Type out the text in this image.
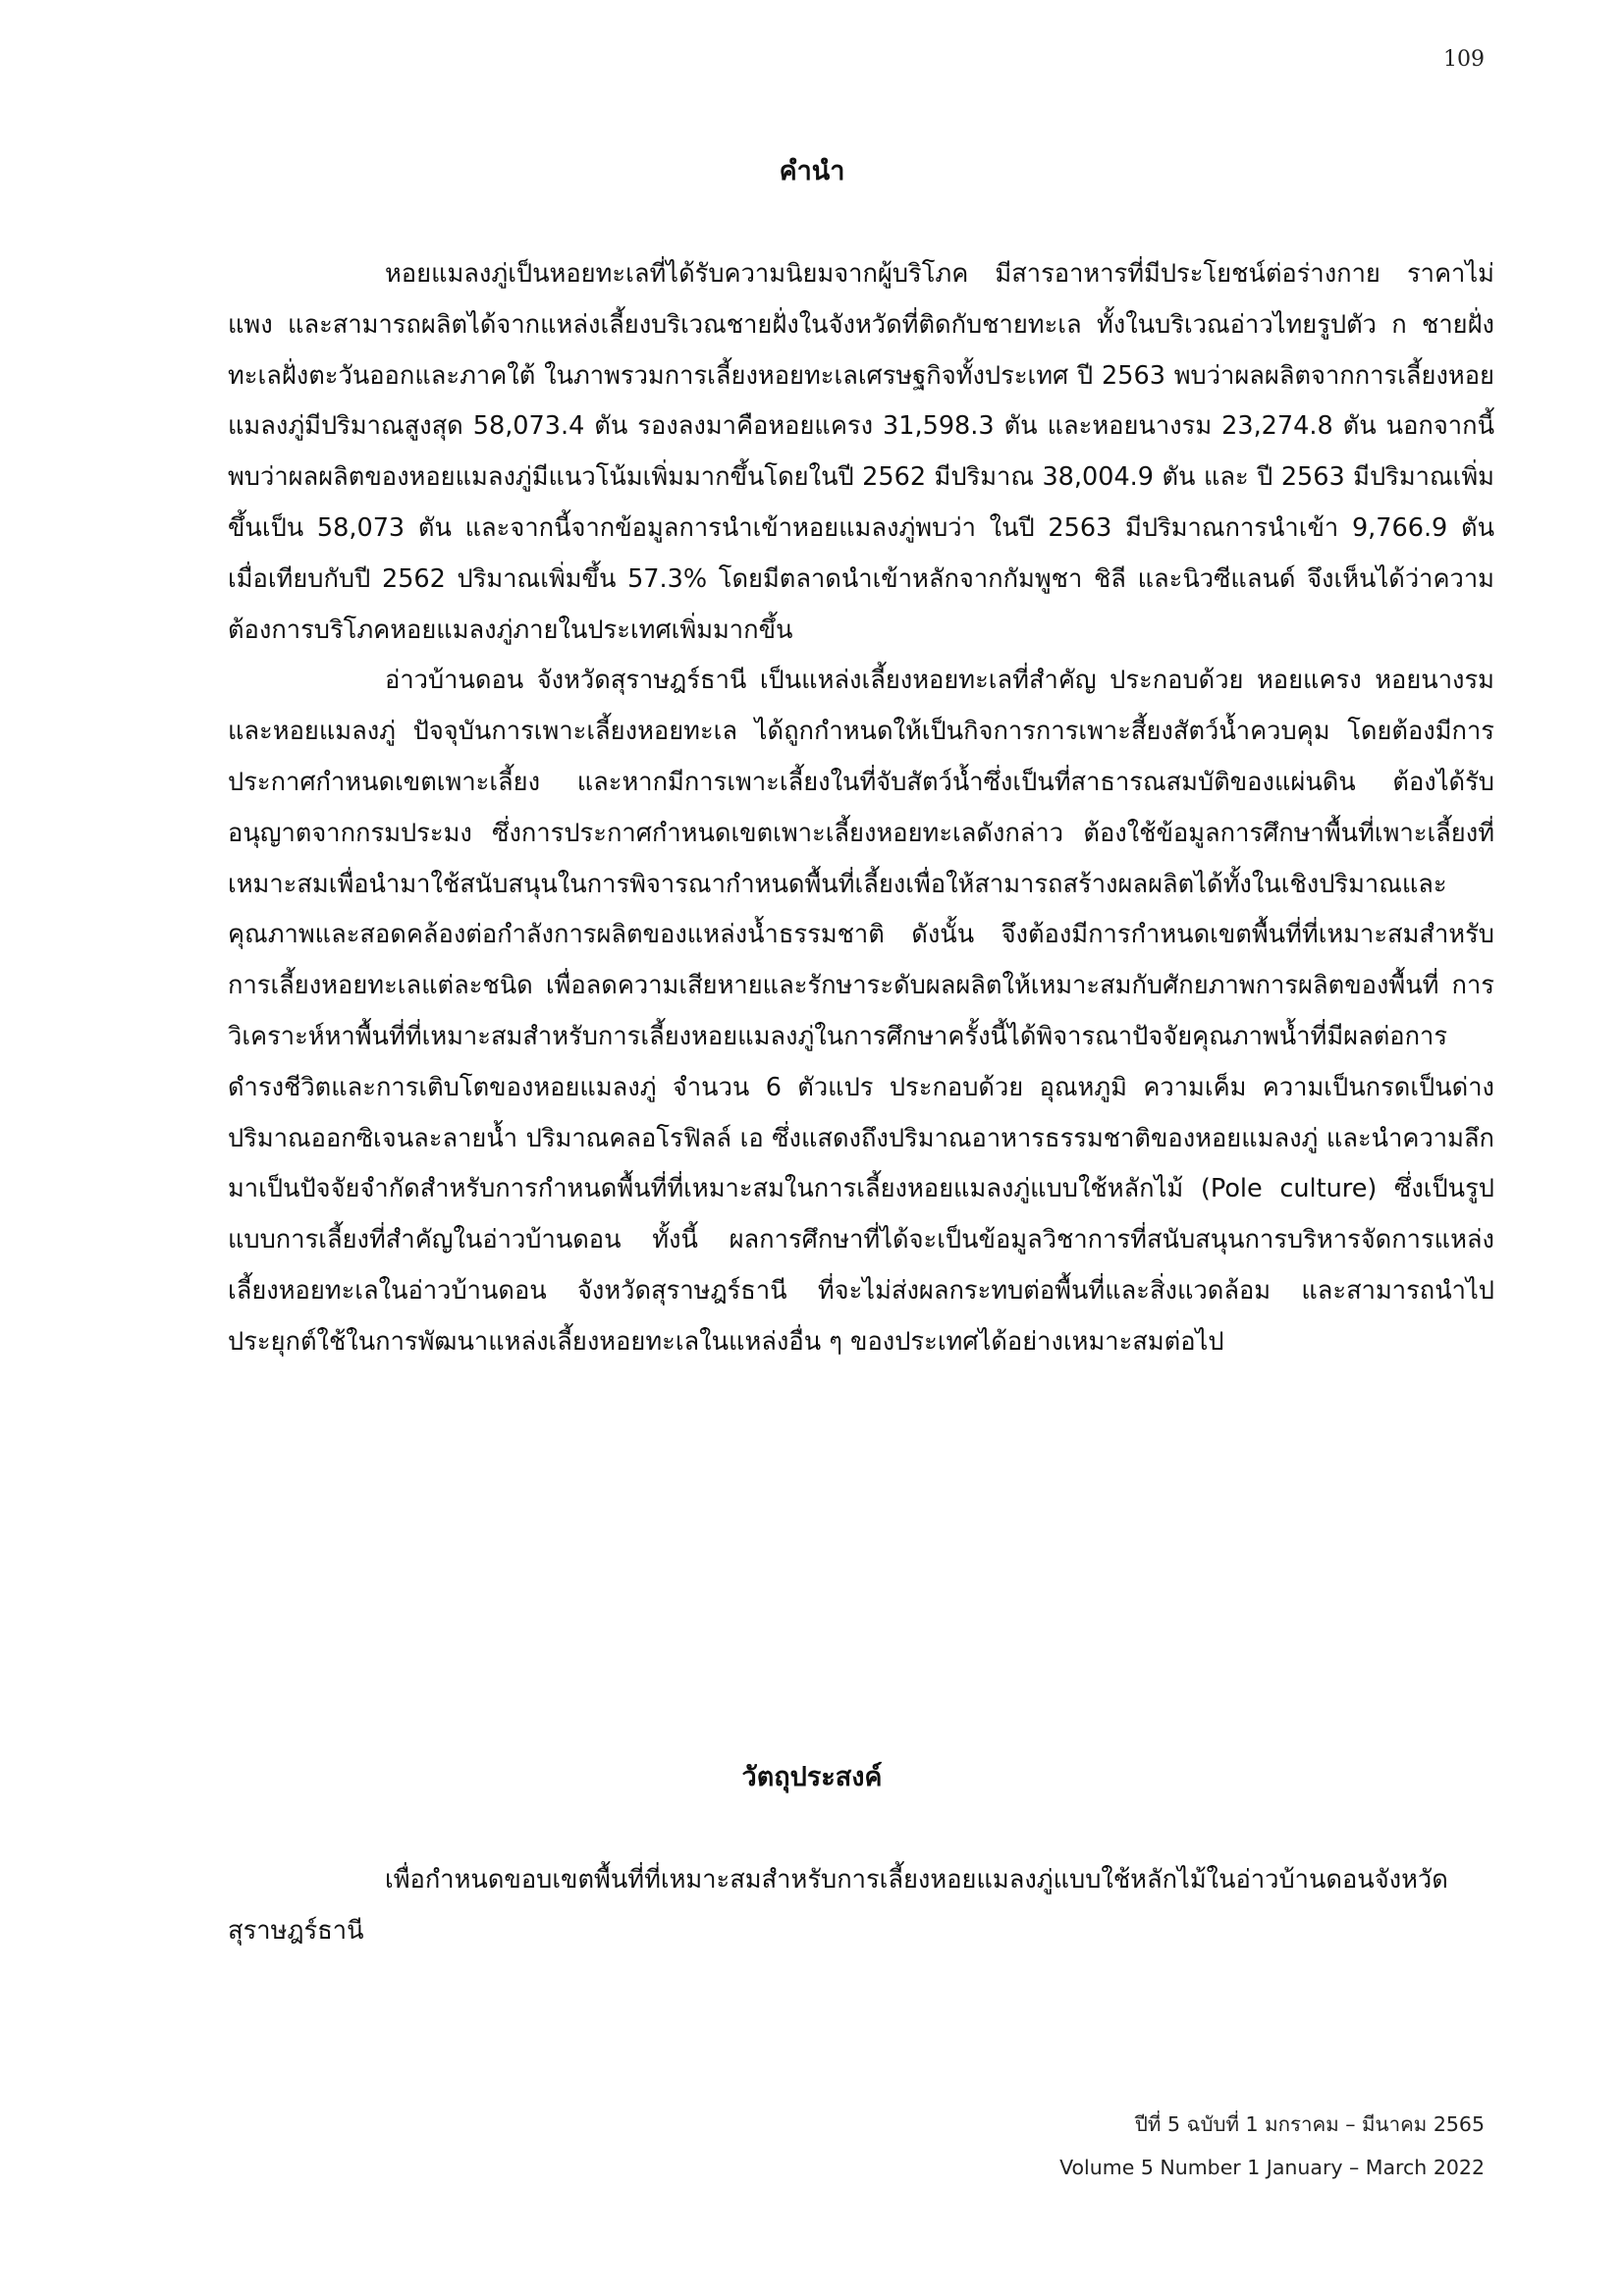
109
คำนำ

หอยแมลงภู่เป็นหอยทะเลที่ได้รับความนิยมจากผู้บริโภค มีสารอาหารที่มีประโยชน์ต่อร่างกาย ราคาไม่แพง และสามารถผลิตได้จากแหล่งเลี้ยงบริเวณชายฝั่งในจังหวัดที่ติดกับชายทะเล ทั้งในบริเวณอ่าวไทยรูปตัว ก ชายฝั่งทะเลฝั่งตะวันออกและภาคใต้ ในภาพรวมการเลี้ยงหอยทะเลเศรษฐกิจทั้งประเทศ ปี 2563 พบว่าผลผลิตจากการเลี้ยงหอยแมลงภู่มีปริมาณสูงสุด 58,073.4 ตัน รองลงมาคือหอยแครง 31,598.3 ตัน และหอยนางรม 23,274.8 ตัน นอกจากนี้ พบว่าผลผลิตของหอยแมลงภู่มีแนวโน้มเพิ่มมากขึ้นโดยในปี 2562 มีปริมาณ 38,004.9 ตัน และ ปี 2563 มีปริมาณเพิ่มขึ้นเป็น 58,073 ตัน และจากนี้จากข้อมูลการนำเข้าหอยแมลงภู่พบว่า ในปี 2563 มีปริมาณการนำเข้า 9,766.9 ตัน เมื่อเทียบกับปี 2562 ปริมาณเพิ่มขึ้น 57.3% โดยมีตลาดนำเข้าหลักจากกัมพูชา ชิลี และนิวซีแลนด์ จึงเห็นได้ว่าความต้องการบริโภคหอยแมลงภู่ภายในประเทศเพิ่มมากขึ้น

อ่าวบ้านดอน จังหวัดสุราษฎร์ธานี เป็นแหล่งเลี้ยงหอยทะเลที่สำคัญ ประกอบด้วย หอยแครง หอยนางรม และหอยแมลงภู่ ปัจจุบันการเพาะเลี้ยงหอยทะเล ได้ถูกกำหนดให้เป็นกิจการการเพาะสี้ยงสัตว์น้ำควบคุม โดยต้องมีการประกาศกำหนดเขตเพาะเลี้ยง และหากมีการเพาะเลี้ยงในที่จับสัตว์น้ำซึ่งเป็นที่สาธารณสมบัติของแผ่นดิน ต้องได้รับอนุญาตจากกรมประมง ซึ่งการประกาศกำหนดเขตเพาะเลี้ยงหอยทะเลดังกล่าว ต้องใช้ข้อมูลการศึกษาพื้นที่เพาะเลี้ยงที่เหมาะสมเพื่อนำมาใช้สนับสนุนในการพิจารณากำหนดพื้นที่เลี้ยงเพื่อให้สามารถสร้างผลผลิตได้ทั้งในเชิงปริมาณและคุณภาพและสอดคล้องต่อกำลังการผลิตของแหล่งน้ำธรรมชาติ ดังนั้น จึงต้องมีการกำหนดเขตพื้นที่ที่เหมาะสมสำหรับการเลี้ยงหอยทะเลแต่ละชนิด เพื่อลดความเสียหายและรักษาระดับผลผลิตให้เหมาะสมกับศักยภาพการผลิตของพื้นที่ การวิเคราะห์หาพื้นที่ที่เหมาะสมสำหรับการเลี้ยงหอยแมลงภู่ในการศึกษาครั้งนี้ได้พิจารณาปัจจัยคุณภาพน้ำที่มีผลต่อการดำรงชีวิตและการเติบโตของหอยแมลงภู่ จำนวน 6 ตัวแปร ประกอบด้วย อุณหภูมิ ความเค็ม ความเป็นกรดเป็นด่าง ปริมาณออกซิเจนละลายน้ำ ปริมาณคลอโรฟิลล์ เอ ซึ่งแสดงถึงปริมาณอาหารธรรมชาติของหอยแมลงภู่ และนำความลึกมาเป็นปัจจัยจำกัดสำหรับการกำหนดพื้นที่ที่เหมาะสมในการเลี้ยงหอยแมลงภู่แบบใช้หลักไม้ (Pole culture) ซึ่งเป็นรูปแบบการเลี้ยงที่สำคัญในอ่าวบ้านดอน ทั้งนี้ ผลการศึกษาที่ได้จะเป็นข้อมูลวิชาการที่สนับสนุนการบริหารจัดการแหล่งเลี้ยงหอยทะเลในอ่าวบ้านดอน จังหวัดสุราษฎร์ธานี ที่จะไม่ส่งผลกระทบต่อพื้นที่และสิ่งแวดล้อม และสามารถนำไปประยุกต์ใช้ในการพัฒนาแหล่งเลี้ยงหอยทะเลในแหล่งอื่น ๆ ของประเทศได้อย่างเหมาะสมต่อไป

วัตถุประสงค์

เพื่อกำหนดขอบเขตพื้นที่ที่เหมาะสมสำหรับการเลี้ยงหอยแมลงภู่แบบใช้หลักไม้ในอ่าวบ้านดอนจังหวัดสุราษฎร์ธานี

ปีที่ 5 ฉบับที่ 1 มกราคม – มีนาคม 2565
Volume 5 Number 1 January – March 2022
